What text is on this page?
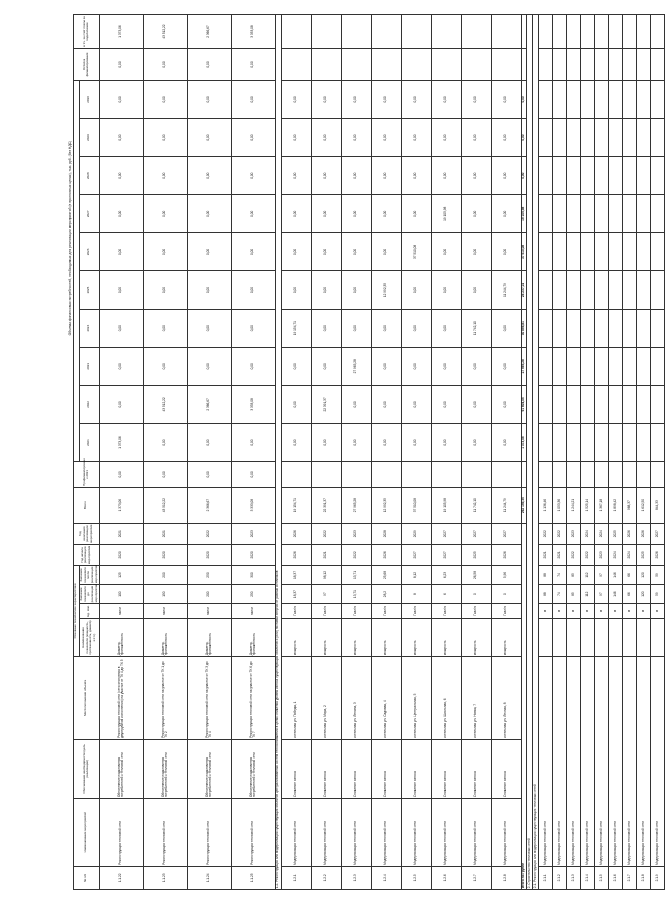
												Объемы финансовых потребностей, необходимых для реализации мероприятий (в прогнозных ценах), тыс. руб. (без НДС)											
№ п/п	Наименование мероприятий	Обоснование необходимости (цель реализации)	Местоположение объекта	Основные технические характеристики				Год начала реализации мероприятия	Год окончания реализации мероприятия	Всего	Профинансировано к 2021											Остаток финансирования	в т.ч. за счет платы за подключение
				Наименование показателя (мощность, протяженность, диаметр и т.п.)	Ед. изм.	Значение показателя до реализации мероприятия	Значение показателя после реализации мероприятия					2021	2022	2023	2024	2025	2026	2027	2028	2029	2030		
1.1.22	Реконструкция тепловой сети	Обеспечение подключения потребителей к тепловой сети	Реконструкция тепловой сети (сети отопления в двухтрубном исполнении) на участке от ТК 4 до ТК 5	Диаметр, протяженность	мм м	100	125	2020	2021	1 373,06	0,00	1 373,06	0,00	0,00	0,00	0,00	0,00	0,00	0,00	0,00	0,00	0,00	1 373,06
1.1.23	Реконструкция тепловой сети	Обеспечение подключения потребителей к тепловой сети	Реконструкция тепловой сети на участке от ТК 1 до ТК 2	Диаметр, протяженность	мм м	150	200	2020	2021	43 512,22	0,00	0,00	43 512,22	0,00	0,00	0,00	0,00	0,00	0,00	0,00	0,00	0,00	43 512,22
1.1.24	Реконструкция тепловой сети	Обеспечение подключения потребителей к тепловой сети	Реконструкция тепловой сети на участке от ТК 3 до ТК 4	Диаметр, протяженность	мм м	200	250	2020	2022	2 366,67	0,00	0,00	2 366,67	0,00	0,00	0,00	0,00	0,00	0,00	0,00	0,00	0,00	2 366,67
1.1.25	Реконструкция тепловой сети	Обеспечение подключения потребителей к тепловой сети	Реконструкция тепловой сети на участке от ТК 6 до ТК 7	Диаметр, протяженность	мм м	250	300	2020	2023	3 333,08	0,00	0,00	3 333,08	0,00	0,00	0,00	0,00	0,00	0,00	0,00	0,00	0,00	3 333,08
1.2. Реконструкция или модернизация существующих объектов централизованных систем теплоснабжения в целях снижения уровня износа существующих объектов и (или) поставки энергии от разных источников																							
1.2.1	Модернизация тепловой сети	Снижение износа	котельная ул. Победы, 1	мощность	Гкал/ч	18,37	18,37	2026	2026	19 154,71		0,00	0,00	0,00	19 154,71	0,00	0,00	0,00	0,00	0,00	0,00		
1.2.2	Модернизация тепловой сети	Снижение износа	котельная ул. Мира, 2	мощность	Гкал/ч	97	98,12	2021	2022	22 391,37		0,00	22 391,37	0,00	0,00	0,00	0,00	0,00	0,00	0,00	0,00		
1.2.3	Модернизация тепловой сети	Снижение износа	котельная ул. Ленина, 3	мощность	Гкал/ч	13,71	13,71	2022	2023	27 965,28		0,00	0,00	27 965,28	0,00	0,00	0,00	0,00	0,00	0,00	0,00		
1.2.4	Модернизация тепловой сети	Снижение износа	котельная ул. Садовая, 4	мощность	Гкал/ч	28,2	25,68	2026	2028	12 992,35		0,00	0,00	0,00	0,00	12 992,35	0,00	0,00	0,00	0,00	0,00		
1.2.5	Модернизация тепловой сети	Снижение износа	котельная ул. Центральная, 5	мощность	Гкал/ч	8	8,12	2027	2029	37 510,08		0,00	0,00	0,00	0,00	0,00	37 510,08	0,00	0,00	0,00	0,00		
1.2.6	Модернизация тепловой сети	Снижение износа	котельная ул. Школьная, 6	мощность	Гкал/ч	6	6,23	2027	2027	19 105,98		0,00	0,00	0,00	0,00	0,00	0,00	19 105,98	0,00	0,00	0,00		
1.2.7	Модернизация тепловой сети	Снижение износа	котельная ул. Новая, 7	мощность	Гкал/ч	0	26,58	2025	2027	11 742,10		0,00	0,00	0,00	11 742,10	0,00	0,00	0,00	0,00	0,00	0,00		
1.2.8	Модернизация тепловой сети	Снижение износа	котельная ул. Лесная, 8	мощность	Гкал/ч	0	5,96	2026	2027	11 244,79		0,00	0,00	0,00	0,00	11 244,79	0,00	0,00	0,00	0,00	0,00		
Итого по группе										262 159,35		1 373,06	91 604,05	27 965,28	30 896,81	24 237,14	37 510,08	19 105,98	0,00	0,00	0,00		
2. Строительство тепловых сетей																							
2.1. Реконструкция или модернизация существующих тепловых сетей																							
2.1.1	Модернизация тепловой сети				м	88	88	2021	2022	1 136,46													
2.1.2	Модернизация тепловой сети				м	74	74	2021	2022	1 053,36													
2.1.3	Модернизация тепловой сети				м	85	85	2022	2023	1 244,21													
2.1.4	Модернизация тепловой сети				м	112	112	2022	2024	1 525,14													
2.1.5	Модернизация тепловой сети				м	97	97	2023	2024	1 367,18													
2.1.6	Модернизация тепловой сети				м	146	146	2024	2025	1 898,42													
2.1.7	Модернизация тепловой сети				м	66	66	2024	2026	968,37													
2.1.8	Модернизация тепловой сети				м	120	120	2025	2026	1 612,50													
2.1.9	Модернизация тепловой сети				м	59	59	2026	2027	844,33													
